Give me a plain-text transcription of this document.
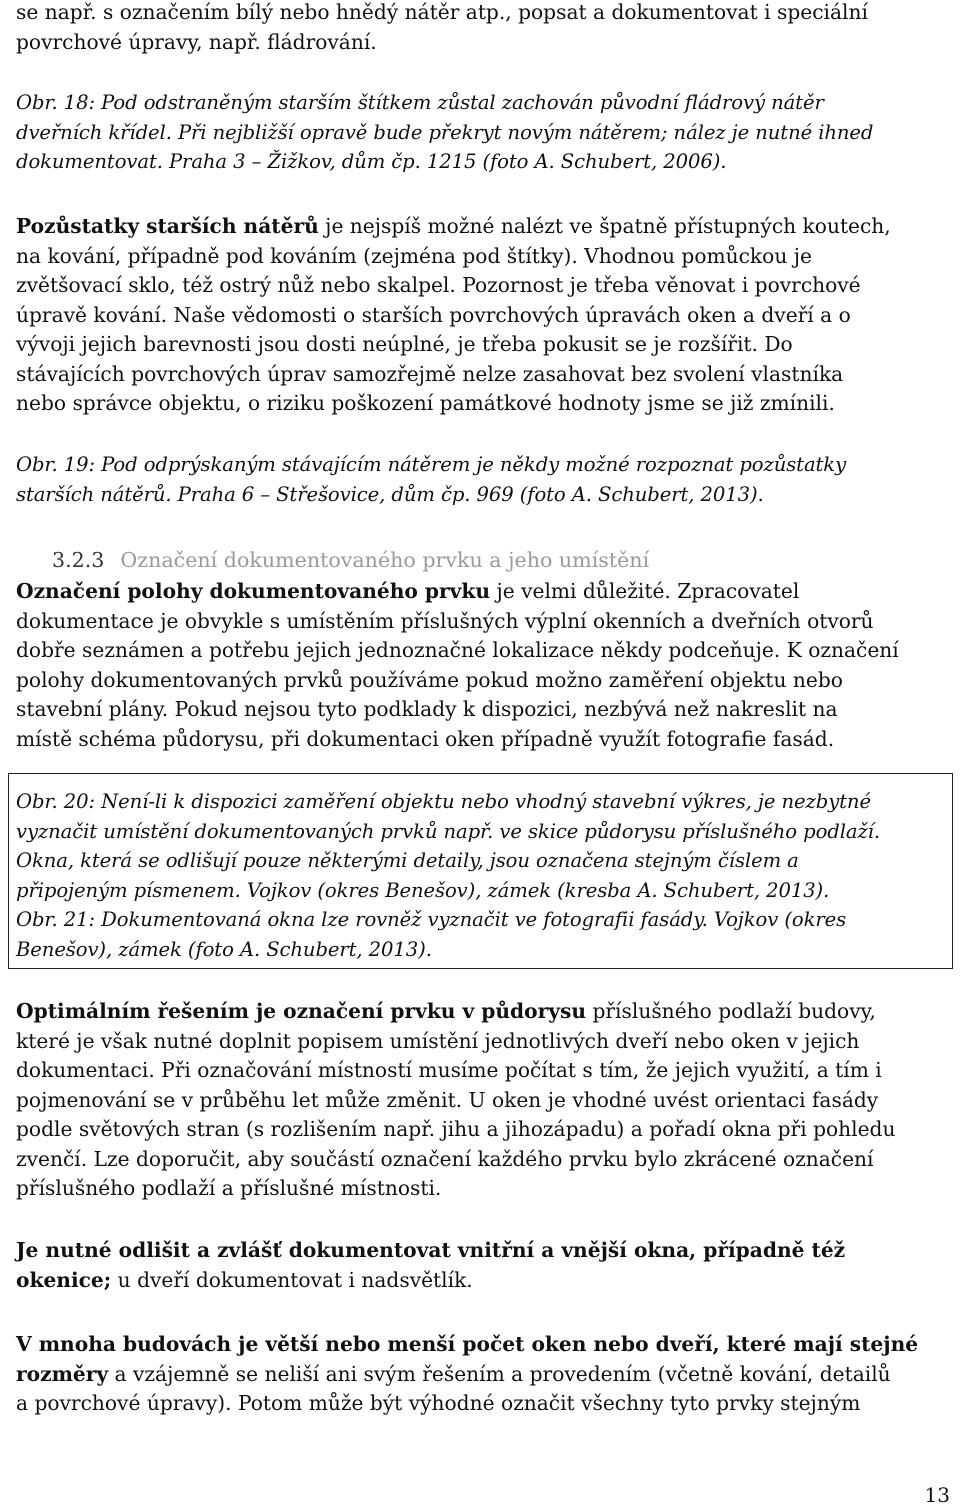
se např. s označením bílý nebo hnědý nátěr atp., popsat a dokumentovat i speciální
povrchové úpravy, např. fládrování.

Obr. 18: Pod odstraněným starším štítkem zůstal zachován původní fládrový nátěr
dveřních křídel. Při nejbližší opravě bude překryt novým nátěrem; nález je nutné ihned
dokumentovat. Praha 3 – Žižkov, dům čp. 1215 (foto A. Schubert, 2006).

Pozůstatky starších nátěrů je nejspíš možné nalézt ve špatně přístupných koutech,
na kování, případně pod kováním (zejména pod štítky). Vhodnou pomůckou je
zvětšovací sklo, též ostrý nůž nebo skalpel. Pozornost je třeba věnovat i povrchové
úpravě kování. Naše vědomosti o starších povrchových úpravách oken a dveří a o
vývoji jejich barevnosti jsou dosti neúplné, je třeba pokusit se je rozšířit. Do
stávajících povrchových úprav samozřejmě nelze zasahovat bez svolení vlastníka
nebo správce objektu, o riziku poškození památkové hodnoty jsme se již zmínili.

Obr. 19: Pod odprýskaným stávajícím nátěrem je někdy možné rozpoznat pozůstatky
starších nátěrů. Praha 6 – Střešovice, dům čp. 969 (foto A. Schubert, 2013).

3.2.3 Označení dokumentovaného prvku a jeho umístění

Označení polohy dokumentovaného prvku je velmi důležité. Zpracovatel
dokumentace je obvykle s umístěním příslušných výplní okenních a dveřních otvorů
dobře seznámen a potřebu jejich jednoznačné lokalizace někdy podceňuje. K označení
polohy dokumentovaných prvků používáme pokud možno zaměření objektu nebo
stavební plány. Pokud nejsou tyto podklady k dispozici, nezbývá než nakreslit na
místě schéma půdorysu, při dokumentaci oken případně využít fotografie fasád.

Obr. 20: Není-li k dispozici zaměření objektu nebo vhodný stavební výkres, je nezbytné
vyznačit umístění dokumentovaných prvků např. ve skice půdorysu příslušného podlaží.
Okna, která se odlišují pouze některými detaily, jsou označena stejným číslem a
připojeným písmenem. Vojkov (okres Benešov), zámek (kresba A. Schubert, 2013).
Obr. 21: Dokumentovaná okna lze rovněž vyznačit ve fotografii fasády. Vojkov (okres
Benešov), zámek (foto A. Schubert, 2013).

Optimálním řešením je označení prvku v půdorysu příslušného podlaží budovy,
které je však nutné doplnit popisem umístění jednotlivých dveří nebo oken v jejich
dokumentaci. Při označování místností musíme počítat s tím, že jejich využití, a tím i
pojmenování se v průběhu let může změnit. U oken je vhodné uvést orientaci fasády
podle světových stran (s rozlišením např. jihu a jihozápadu) a pořadí okna při pohledu
zvenčí. Lze doporučit, aby součástí označení každého prvku bylo zkrácené označení
příslušného podlaží a příslušné místnosti.

Je nutné odlišit a zvlášť dokumentovat vnitřní a vnější okna, případně též
okenice; u dveří dokumentovat i nadsvětlík.

V mnoha budovách je větší nebo menší počet oken nebo dveří, které mají stejné
rozměry a vzájemně se neliší ani svým řešením a provedením (včetně kování, detailů
a povrchové úpravy). Potom může být výhodné označit všechny tyto prvky stejným

13
